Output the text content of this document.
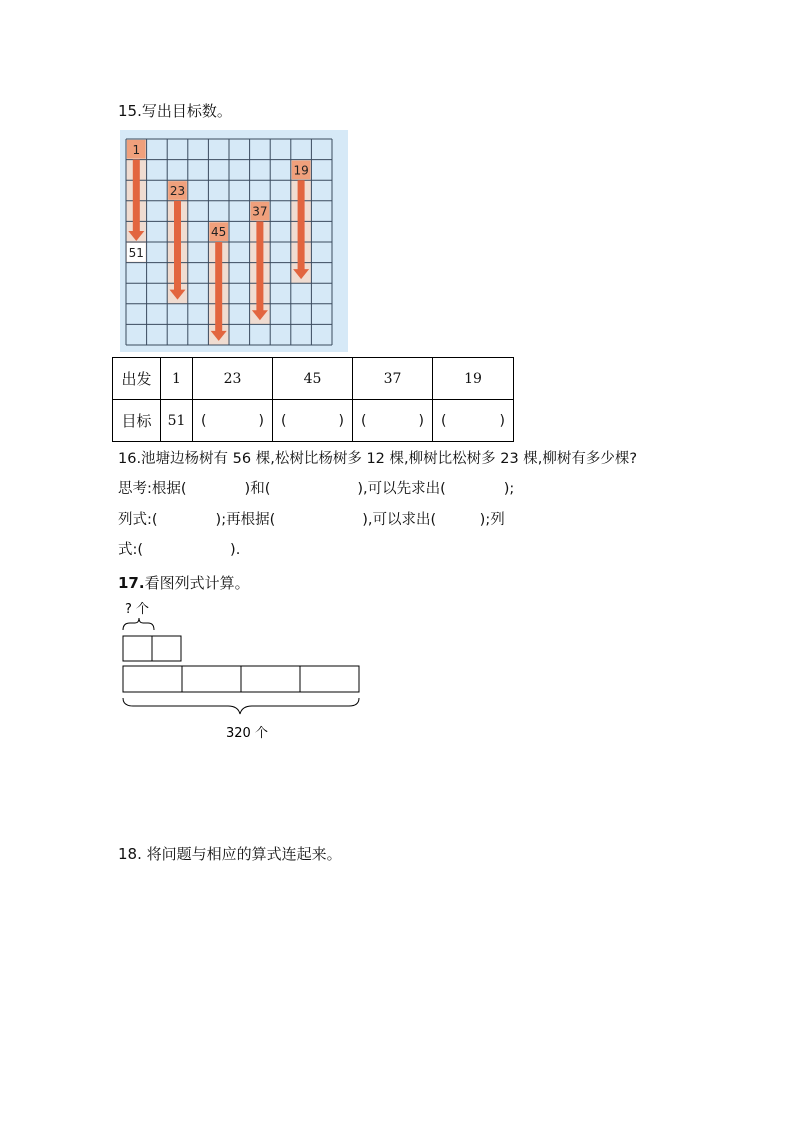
15.写出目标数。
1
51
23
45
37
19
出发	1	23	45	37	19
目标	51	( )	( )	( )	( )
16.池塘边杨树有 56 棵,松树比杨树多 12 棵,柳树比松树多 23 棵,柳树有多少棵?
思考:根据(　　　　)和(　　　　　　),可以先求出(　　　　);
列式:(　　　　);再根据(　　　　　　),可以求出(　　　);列
式:(　　　　　　).
17.看图列式计算。
? 个
320 个
18. 将问题与相应的算式连起来。
